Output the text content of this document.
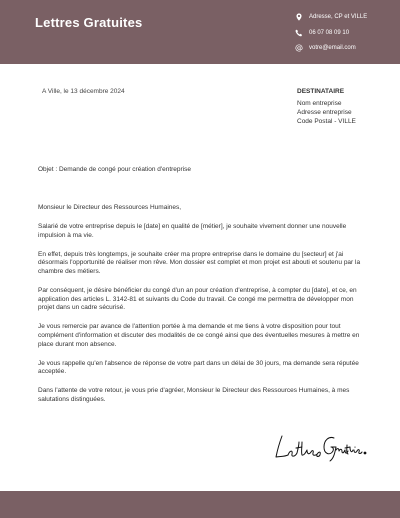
Lettres Gratuites	Adresse, CP et VILLE
06 07 08 09 10
votre@email.com
A Ville, le 13 décembre 2024	DESTINATAIRE
Nom entreprise
Adresse entreprise
Code Postal - VILLE
Objet : Demande de congé pour création d'entreprise

Monsieur le Directeur des Ressources Humaines,

Salarié de votre entreprise depuis le [date] en qualité de [métier], je souhaite vivement donner une nouvelle impulsion à ma vie.

En effet, depuis très longtemps, je souhaite créer ma propre entreprise dans le domaine du [secteur] et j'ai désormais l'opportunité de réaliser mon rêve. Mon dossier est complet et mon projet est abouti et soutenu par la chambre des métiers.

Par conséquent, je désire bénéficier du congé d'un an pour création d'entreprise, à compter du [date], et ce, en application des articles L. 3142-81 et suivants du Code du travail. Ce congé me permettra de développer mon projet dans un cadre sécurisé.

Je vous remercie par avance de l'attention portée à ma demande et me tiens à votre disposition pour tout complément d'information et discuter des modalités de ce congé ainsi que des éventuelles mesures à mettre en place durant mon absence.

Je vous rappelle qu'en l'absence de réponse de votre part dans un délai de 30 jours, ma demande sera réputée acceptée.

Dans l'attente de votre retour, je vous prie d'agréer, Monsieur le Directeur des Ressources Humaines, à mes salutations distinguées.
